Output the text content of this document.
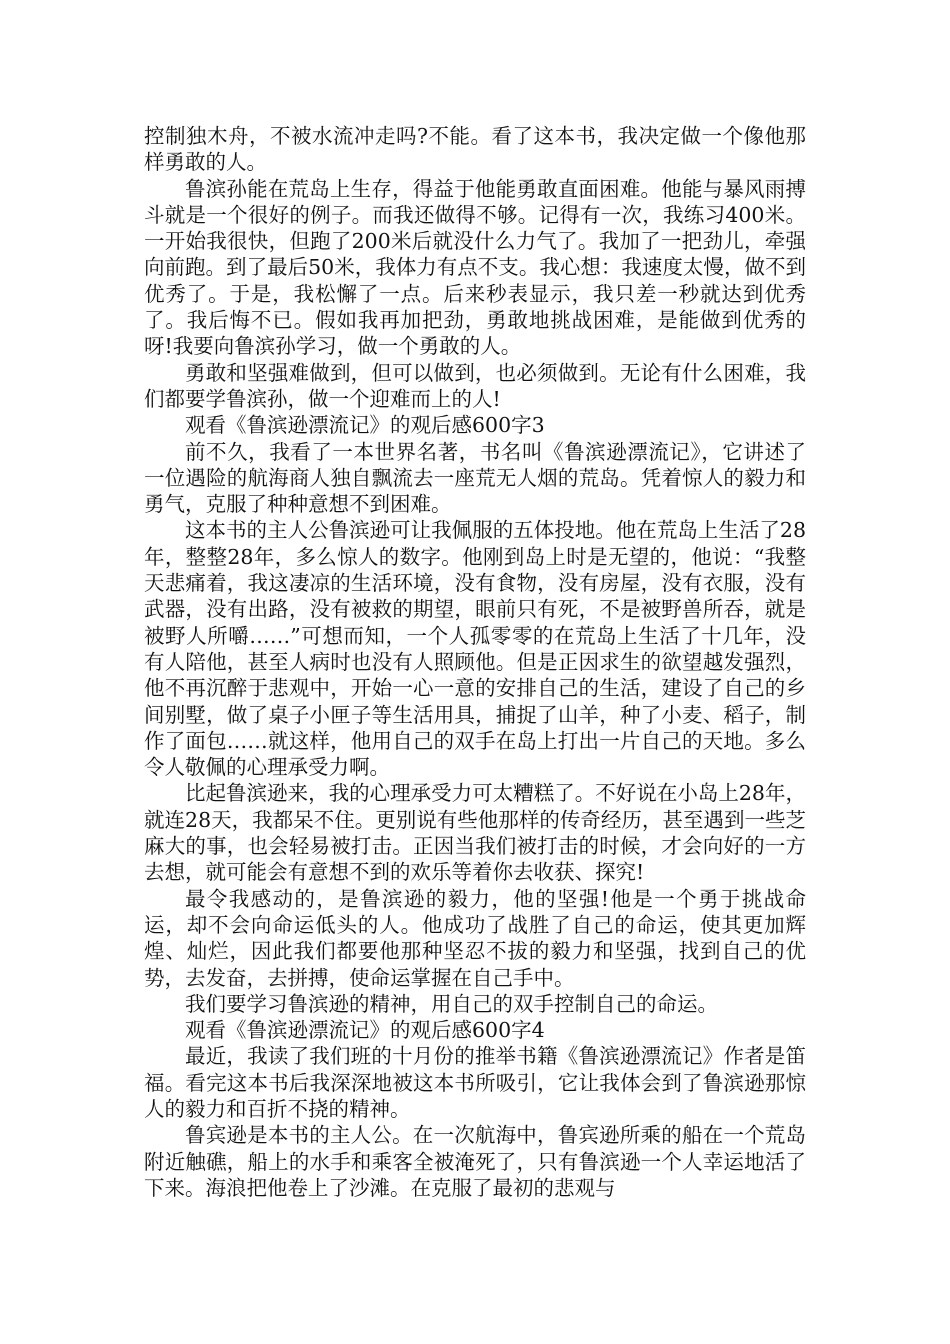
控制独木舟，不被水流冲走吗?不能。看了这本书，我决定做一个像他那样勇敢的人。

鲁滨孙能在荒岛上生存，得益于他能勇敢直面困难。他能与暴风雨搏斗就是一个很好的例子。而我还做得不够。记得有一次，我练习400米。一开始我很快，但跑了200米后就没什么力气了。我加了一把劲儿，牵强向前跑。到了最后50米，我体力有点不支。我心想：我速度太慢，做不到优秀了。于是，我松懈了一点。后来秒表显示，我只差一秒就达到优秀了。我后悔不已。假如我再加把劲，勇敢地挑战困难，是能做到优秀的呀!我要向鲁滨孙学习，做一个勇敢的人。

勇敢和坚强难做到，但可以做到，也必须做到。无论有什么困难，我们都要学鲁滨孙，做一个迎难而上的人!

观看《鲁滨逊漂流记》的观后感600字3

前不久，我看了一本世界名著，书名叫《鲁滨逊漂流记》，它讲述了一位遇险的航海商人独自飘流去一座荒无人烟的荒岛。凭着惊人的毅力和勇气，克服了种种意想不到困难。

这本书的主人公鲁滨逊可让我佩服的五体投地。他在荒岛上生活了28年，整整28年，多么惊人的数字。他刚到岛上时是无望的，他说：“我整天悲痛着，我这凄凉的生活环境，没有食物，没有房屋，没有衣服，没有武器，没有出路，没有被救的期望，眼前只有死，不是被野兽所吞，就是被野人所嚼……”可想而知，一个人孤零零的在荒岛上生活了十几年，没有人陪他，甚至人病时也没有人照顾他。但是正因求生的欲望越发强烈，他不再沉醉于悲观中，开始一心一意的安排自己的生活，建设了自己的乡间别墅，做了桌子小匣子等生活用具，捕捉了山羊，种了小麦、稻子，制作了面包……就这样，他用自己的双手在岛上打出一片自己的天地。多么令人敬佩的心理承受力啊。

比起鲁滨逊来，我的心理承受力可太糟糕了。不好说在小岛上28年，就连28天，我都呆不住。更别说有些他那样的传奇经历，甚至遇到一些芝麻大的事，也会轻易被打击。正因当我们被打击的时候，才会向好的一方去想，就可能会有意想不到的欢乐等着你去收获、探究!

最令我感动的，是鲁滨逊的毅力，他的坚强!他是一个勇于挑战命运，却不会向命运低头的人。他成功了战胜了自己的命运，使其更加辉煌、灿烂，因此我们都要他那种坚忍不拔的毅力和坚强，找到自己的优势，去发奋，去拼搏，使命运掌握在自己手中。

我们要学习鲁滨逊的精神，用自己的双手控制自己的命运。

观看《鲁滨逊漂流记》的观后感600字4

最近，我读了我们班的十月份的推举书籍《鲁滨逊漂流记》作者是笛福。看完这本书后我深深地被这本书所吸引，它让我体会到了鲁滨逊那惊人的毅力和百折不挠的精神。

鲁宾逊是本书的主人公。在一次航海中，鲁宾逊所乘的船在一个荒岛附近触礁，船上的水手和乘客全被淹死了，只有鲁滨逊一个人幸运地活了下来。海浪把他卷上了沙滩。在克服了最初的悲观与
